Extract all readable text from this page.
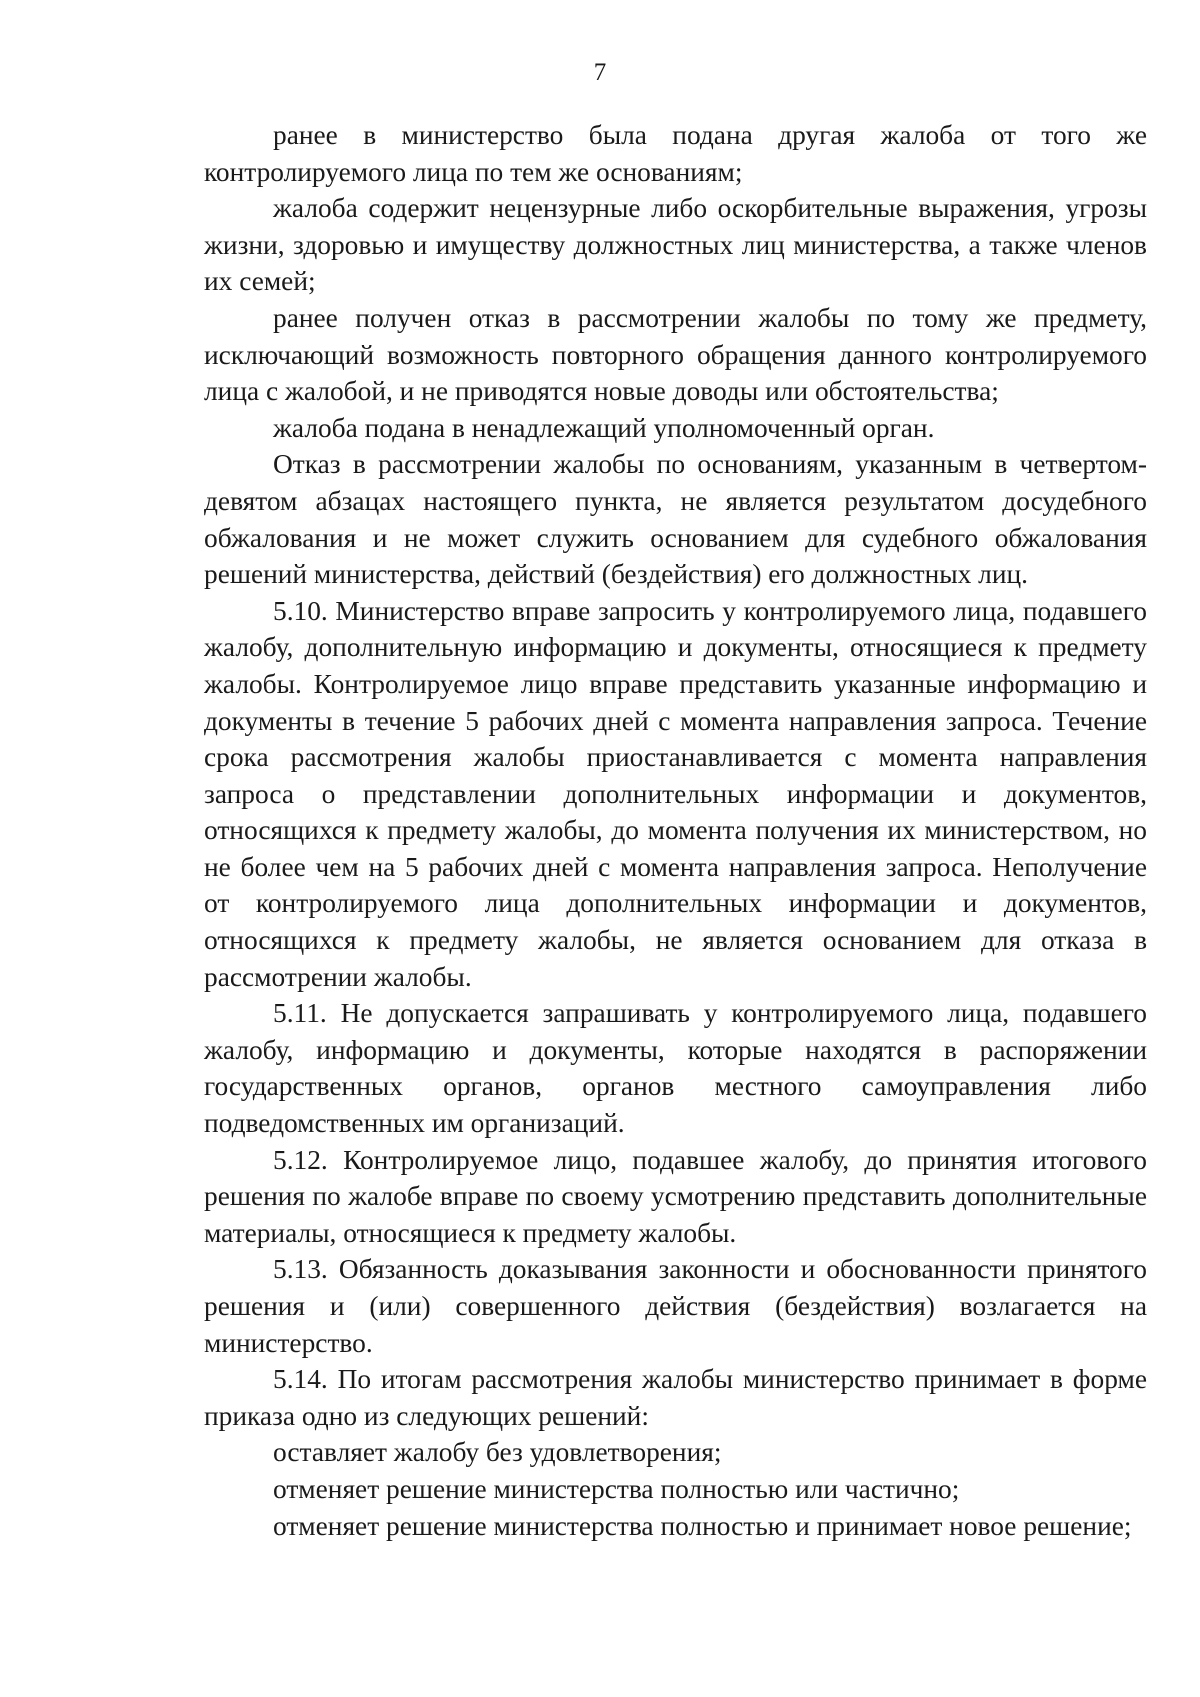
7

ранее в министерство была подана другая жалоба от того же контролируемого лица по тем же основаниям;

жалоба содержит нецензурные либо оскорбительные выражения, угрозы жизни, здоровью и имуществу должностных лиц министерства, а также членов их семей;

ранее получен отказ в рассмотрении жалобы по тому же предмету, исключающий возможность повторного обращения данного контролируемого лица с жалобой, и не приводятся новые доводы или обстоятельства;

жалоба подана в ненадлежащий уполномоченный орган.

Отказ в рассмотрении жалобы по основаниям, указанным в четвертом-девятом абзацах настоящего пункта, не является результатом досудебного обжалования и не может служить основанием для судебного обжалования решений министерства, действий (бездействия) его должностных лиц.

5.10. Министерство вправе запросить у контролируемого лица, подавшего жалобу, дополнительную информацию и документы, относящиеся к предмету жалобы. Контролируемое лицо вправе представить указанные информацию и документы в течение 5 рабочих дней с момента направления запроса. Течение срока рассмотрения жалобы приостанавливается с момента направления запроса о представлении дополнительных информации и документов, относящихся к предмету жалобы, до момента получения их министерством, но не более чем на 5 рабочих дней с момента направления запроса. Неполучение от контролируемого лица дополнительных информации и документов, относящихся к предмету жалобы, не является основанием для отказа в рассмотрении жалобы.

5.11. Не допускается запрашивать у контролируемого лица, подавшего жалобу, информацию и документы, которые находятся в распоряжении государственных органов, органов местного самоуправления либо подведомственных им организаций.

5.12. Контролируемое лицо, подавшее жалобу, до принятия итогового решения по жалобе вправе по своему усмотрению представить дополнительные материалы, относящиеся к предмету жалобы.

5.13. Обязанность доказывания законности и обоснованности принятого решения и (или) совершенного действия (бездействия) возлагается на министерство.

5.14. По итогам рассмотрения жалобы министерство принимает в форме приказа одно из следующих решений:

оставляет жалобу без удовлетворения;

отменяет решение министерства полностью или частично;

отменяет решение министерства полностью и принимает новое решение;
